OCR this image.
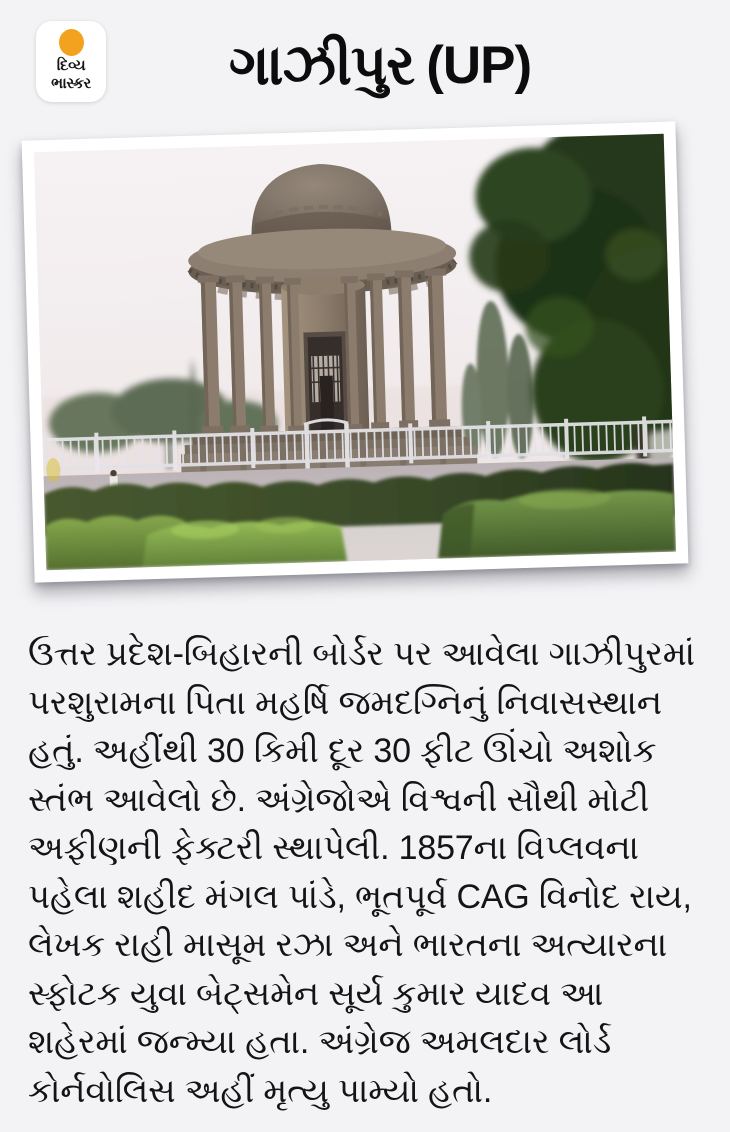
દિવ્ય
ભાસ્કર ગાઝીપુર (UP)

ઉત્તર પ્રદેશ-બિહારની બોર્ડર પર આવેલા ગાઝીપુરમાં પરશુરામના પિતા મહર્ષિ જમદગ્નિનું નિવાસસ્થાન હતું. અહીંથી 30 કિમી દૂર 30 ફીટ ઊંચો અશોક સ્તંભ આવેલો છે. અંગ્રેજોએ વિશ્વની સૌથી મોટી અફીણની ફેક્ટરી સ્થાપેલી. 1857ના વિપ્લવના પહેલા શહીદ મંગલ પાંડે, ભૂતપૂર્વ CAG વિનોદ રાય, લેખક રાહી માસૂમ રઝા અને ભારતના અત્યારના સ્ફોટક યુવા બેટ્સમેન સૂર્ય કુમાર યાદવ આ શહેરમાં જન્મ્યા હતા. અંગ્રેજ અમલદાર લોર્ડ કોર્નવોલિસ અહીં મૃત્યુ પામ્યો હતો.
